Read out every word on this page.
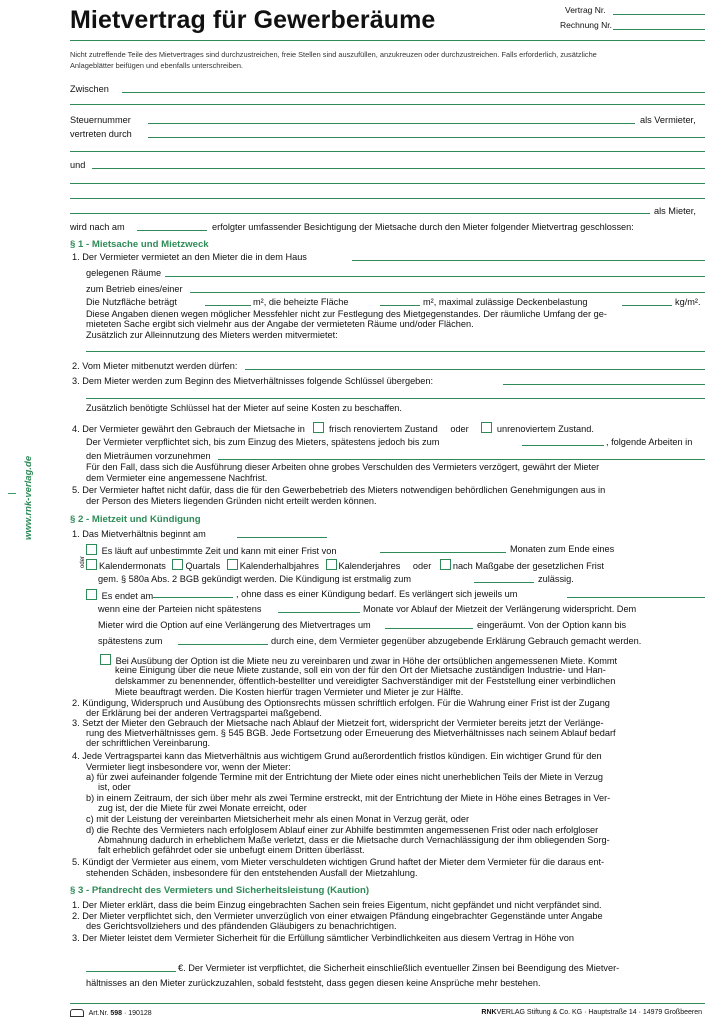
Mietvertrag für Gewerberäume	Vertrag Nr.
Rechnung Nr.
Nicht zutreffende Teile des Mietvertrages sind durchzustreichen, freie Stellen sind auszufüllen, anzukreuzen oder durchzustreichen. Falls erforderlich, zusätzliche
Anlageblätter beifügen und ebenfalls unterschreiben.
Zwischen
Steuernummer	als Vermieter,
vertreten durch
und
als Mieter,
wird nach am	erfolgter umfassender Besichtigung der Mietsache durch den Mieter folgender Mietvertrag geschlossen:
§ 1 - Mietsache und Mietzweck
1. Der Vermieter vermietet an den Mieter die in dem Haus
gelegenen Räume
zum Betrieb eines/einer
Die Nutzfläche beträgt	m², die beheizte Fläche	m², maximal zulässige Deckenbelastung	kg/m².
Diese Angaben dienen wegen möglicher Messfehler nicht zur Festlegung des Mietgegenstandes. Der räumliche Umfang der ge-
mieteten Sache ergibt sich vielmehr aus der Angabe der vermieteten Räume und/oder Flächen.
Zusätzlich zur Alleinnutzung des Mieters werden mitvermietet:
2. Vom Mieter mitbenutzt werden dürfen:
3. Dem Mieter werden zum Beginn des Mietverhältnisses folgende Schlüssel übergeben:
Zusätzlich benötigte Schlüssel hat der Mieter auf seine Kosten zu beschaffen.
4. Der Vermieter gewährt den Gebrauch der Mietsache in	frisch renoviertem Zustand oder	unrenoviertem Zustand.
Der Vermieter verpflichtet sich, bis zum Einzug des Mieters, spätestens jedoch bis zum	, folgende Arbeiten in
den Mieträumen vorzunehmen
Für den Fall, dass sich die Ausführung dieser Arbeiten ohne grobes Verschulden des Vermieters verzögert, gewährt der Mieter
dem Vermieter eine angemessene Nachfrist.
5. Der Vermieter haftet nicht dafür, dass die für den Gewerbebetrieb des Mieters notwendigen behördlichen Genehmigungen aus in
der Person des Mieters liegenden Gründen nicht erteilt werden können.
§ 2 - Mietzeit und Kündigung
1. Das Mietverhältnis beginnt am
Es läuft auf unbestimmte Zeit und kann mit einer Frist von	Monaten zum Ende eines
Kalendermonats Quartals Kalenderhalbjahres Kalenderjahres oder nach Maßgabe der gesetzlichen Frist
oder
gem. § 580a Abs. 2 BGB gekündigt werden. Die Kündigung ist erstmalig zum	zulässig.
Es endet am	, ohne dass es einer Kündigung bedarf. Es verlängert sich jeweils um
wenn eine der Parteien nicht spätestens	Monate vor Ablauf der Mietzeit der Verlängerung widerspricht. Dem
Mieter wird die Option auf eine Verlängerung des Mietvertrages um	eingeräumt. Von der Option kann bis
spätestens zum	durch eine, dem Vermieter gegenüber abzugebende Erklärung Gebrauch gemacht werden.
Bei Ausübung der Option ist die Miete neu zu vereinbaren und zwar in Höhe der ortsüblichen angemessenen Miete. Kommt
keine Einigung über die neue Miete zustande, soll ein von der für den Ort der Mietsache zuständigen Industrie- und Han-
delskammer zu benennender, öffentlich-bestellter und vereidigter Sachverständiger mit der Feststellung einer verbindlichen
Miete beauftragt werden. Die Kosten hierfür tragen Vermieter und Mieter je zur Hälfte.
2. Kündigung, Widerspruch und Ausübung des Optionsrechts müssen schriftlich erfolgen. Für die Wahrung einer Frist ist der Zugang
der Erklärung bei der anderen Vertragspartei maßgebend.
3. Setzt der Mieter den Gebrauch der Mietsache nach Ablauf der Mietzeit fort, widerspricht der Vermieter bereits jetzt der Verlänge-
rung des Mietverhältnisses gem. § 545 BGB. Jede Fortsetzung oder Erneuerung des Mietverhältnisses nach seinem Ablauf bedarf
der schriftlichen Vereinbarung.
4. Jede Vertragspartei kann das Mietverhältnis aus wichtigem Grund außerordentlich fristlos kündigen. Ein wichtiger Grund für den
Vermieter liegt insbesondere vor, wenn der Mieter:
a) für zwei aufeinander folgende Termine mit der Entrichtung der Miete oder eines nicht unerheblichen Teils der Miete in Verzug
ist, oder
b) in einem Zeitraum, der sich über mehr als zwei Termine erstreckt, mit der Entrichtung der Miete in Höhe eines Betrages in Ver-
zug ist, der die Miete für zwei Monate erreicht, oder
c) mit der Leistung der vereinbarten Mietsicherheit mehr als einen Monat in Verzug gerät, oder
d) die Rechte des Vermieters nach erfolglosem Ablauf einer zur Abhilfe bestimmten angemessenen Frist oder nach erfolgloser
Abmahnung dadurch in erheblichem Maße verletzt, dass er die Mietsache durch Vernachlässigung der ihm obliegenden Sorg-
falt erheblich gefährdet oder sie unbefugt einem Dritten überlässt.
5. Kündigt der Vermieter aus einem, vom Mieter verschuldeten wichtigen Grund haftet der Mieter dem Vermieter für die daraus ent-
stehenden Schäden, insbesondere für den entstehenden Ausfall der Mietzahlung.
§ 3 - Pfandrecht des Vermieters und Sicherheitsleistung (Kaution)
1. Der Mieter erklärt, dass die beim Einzug eingebrachten Sachen sein freies Eigentum, nicht gepfändet und nicht verpfändet sind.
2. Der Mieter verpflichtet sich, den Vermieter unverzüglich von einer etwaigen Pfändung eingebrachter Gegenstände unter Angabe
des Gerichtsvollziehers und des pfändenden Gläubigers zu benachrichtigen.
3. Der Mieter leistet dem Vermieter Sicherheit für die Erfüllung sämtlicher Verbindlichkeiten aus diesem Vertrag in Höhe von
€. Der Vermieter ist verpflichtet, die Sicherheit einschließlich eventueller Zinsen bei Beendigung des Mietver-
hältnisses an den Mieter zurückzuzahlen, sobald feststeht, dass gegen diesen keine Ansprüche mehr bestehen.
www.rnk-verlag.de
Art.Nr. 598 · 190128	RNKVERLAG Stiftung & Co. KG · Hauptstraße 14 · 14979 Großbeeren
